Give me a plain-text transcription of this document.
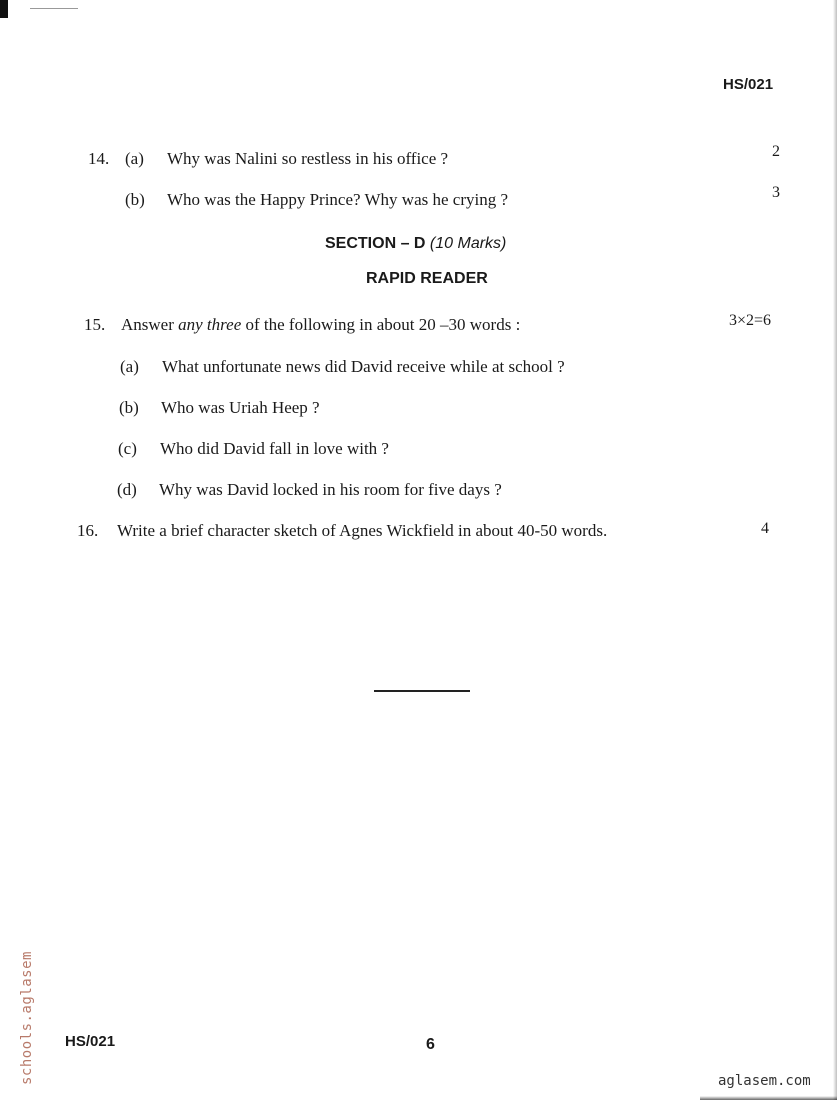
HS/021
14. (a) Why was Nalini so restless in his office ?	2
(b) Who was the Happy Prince? Why was he crying ?	3
SECTION – D (10 Marks)
RAPID READER
15. Answer any three of the following in about 20 –30 words :	3×2=6
(a) What unfortunate news did David receive while at school ?
(b) Who was Uriah Heep ?
(c) Who did David fall in love with ?
(d) Why was David locked in his room for five days ?
16. Write a brief character sketch of Agnes Wickfield in about 40-50 words.	4
HS/021	6
schools.aglasem	aglasem.com
